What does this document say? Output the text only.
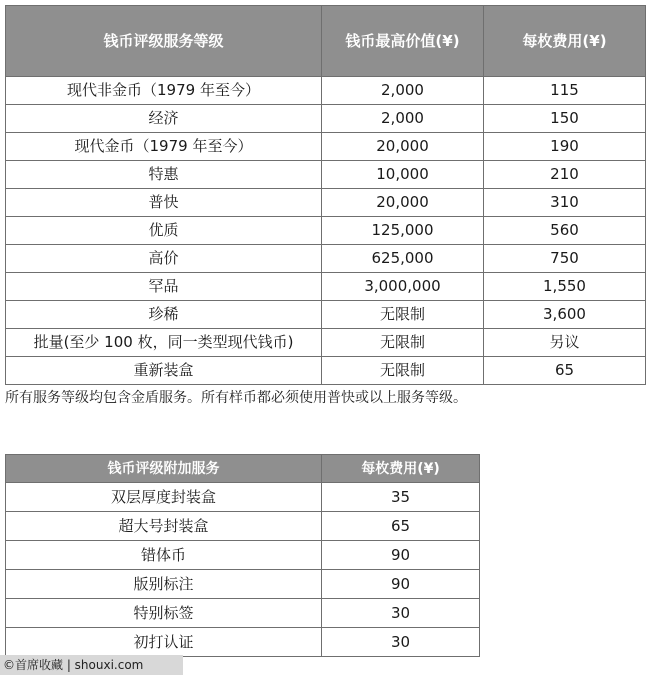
钱币评级服务等级	钱币最高价值(¥)	每枚费用(¥)
现代非金币（1979 年至今）	2,000	115
经济	2,000	150
现代金币（1979 年至今）	20,000	190
特惠	10,000	210
普快	20,000	310
优质	125,000	560
高价	625,000	750
罕品	3,000,000	1,550
珍稀	无限制	3,600
批量(至少 100 枚，同一类型现代钱币)	无限制	另议
重新装盒	无限制	65

所有服务等级均包含金盾服务。所有样币都必须使用普快或以上服务等级。

钱币评级附加服务	每枚费用(¥)
双层厚度封装盒	35
超大号封装盒	65
错体币	90
版别标注	90
特别标签	30
初打认证	30
©首席收藏 | shouxi.com
